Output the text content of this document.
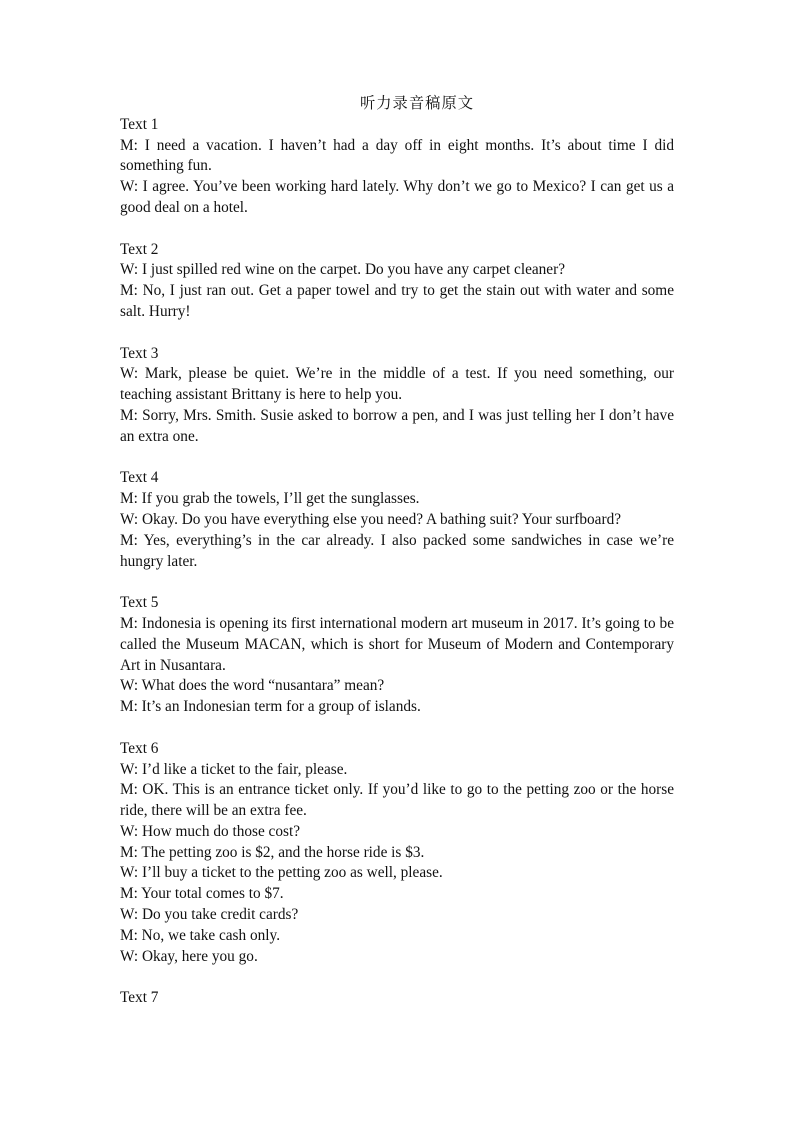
听力录音稿原文

Text 1

M: I need a vacation. I haven’t had a day off in eight months. It’s about time I did something fun.

W: I agree. You’ve been working hard lately. Why don’t we go to Mexico? I can get us a good deal on a hotel.

Text 2

W: I just spilled red wine on the carpet. Do you have any carpet cleaner?

M: No, I just ran out. Get a paper towel and try to get the stain out with water and some salt. Hurry!

Text 3

W: Mark, please be quiet. We’re in the middle of a test. If you need something, our teaching assistant Brittany is here to help you.

M: Sorry, Mrs. Smith. Susie asked to borrow a pen, and I was just telling her I don’t have an extra one.

Text 4

M: If you grab the towels, I’ll get the sunglasses.

W: Okay. Do you have everything else you need? A bathing suit? Your surfboard?

M: Yes, everything’s in the car already. I also packed some sandwiches in case we’re hungry later.

Text 5

M: Indonesia is opening its first international modern art museum in 2017. It’s going to be called the Museum MACAN, which is short for Museum of Modern and Contemporary Art in Nusantara.

W: What does the word “nusantara” mean?

M: It’s an Indonesian term for a group of islands.

Text 6

W: I’d like a ticket to the fair, please.

M: OK. This is an entrance ticket only. If you’d like to go to the petting zoo or the horse ride, there will be an extra fee.

W: How much do those cost?

M: The petting zoo is $2, and the horse ride is $3.

W: I’ll buy a ticket to the petting zoo as well, please.

M: Your total comes to $7.

W: Do you take credit cards?

M: No, we take cash only.

W: Okay, here you go.

Text 7
